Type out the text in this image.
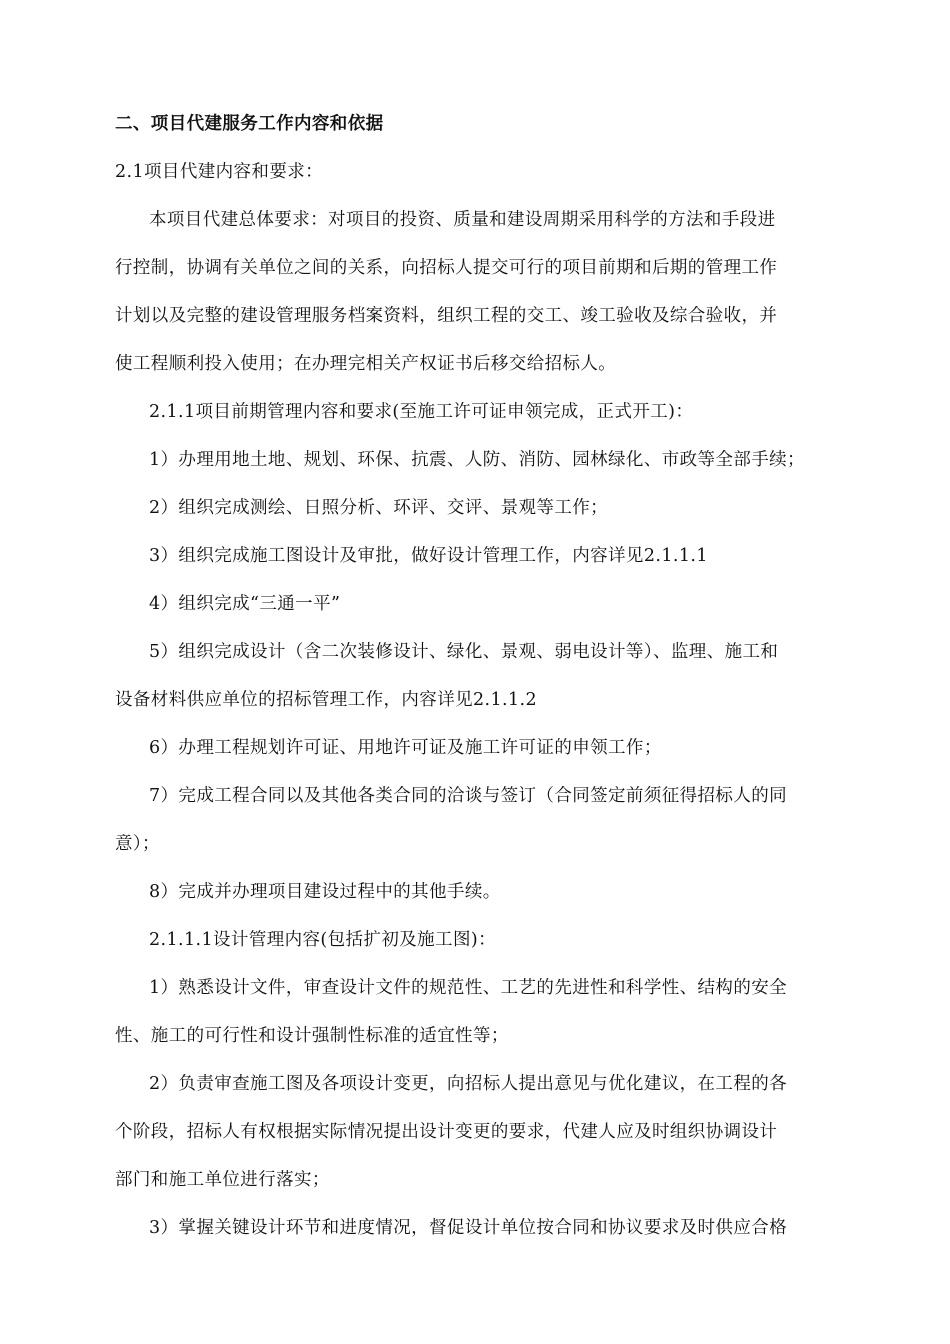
二、项目代建服务工作内容和依据
2.1项目代建内容和要求：
本项目代建总体要求：对项目的投资、质量和建设周期采用科学的方法和手段进
行控制，协调有关单位之间的关系，向招标人提交可行的项目前期和后期的管理工作
计划以及完整的建设管理服务档案资料，组织工程的交工、竣工验收及综合验收，并
使工程顺利投入使用；在办理完相关产权证书后移交给招标人。
2.1.1项目前期管理内容和要求(至施工许可证申领完成，正式开工)：
1）办理用地土地、规划、环保、抗震、人防、消防、园林绿化、市政等全部手续；
2）组织完成测绘、日照分析、环评、交评、景观等工作；
3）组织完成施工图设计及审批，做好设计管理工作，内容详见2.1.1.1
4）组织完成“三通一平”
5）组织完成设计（含二次装修设计、绿化、景观、弱电设计等）、监理、施工和
设备材料供应单位的招标管理工作，内容详见2.1.1.2
6）办理工程规划许可证、用地许可证及施工许可证的申领工作；
7）完成工程合同以及其他各类合同的洽谈与签订（合同签定前须征得招标人的同
意）；
8）完成并办理项目建设过程中的其他手续。
2.1.1.1设计管理内容(包括扩初及施工图)：
1）熟悉设计文件，审查设计文件的规范性、工艺的先进性和科学性、结构的安全
性、施工的可行性和设计强制性标准的适宜性等；
2）负责审查施工图及各项设计变更，向招标人提出意见与优化建议，在工程的各
个阶段，招标人有权根据实际情况提出设计变更的要求，代建人应及时组织协调设计
部门和施工单位进行落实；
3）掌握关键设计环节和进度情况，督促设计单位按合同和协议要求及时供应合格
